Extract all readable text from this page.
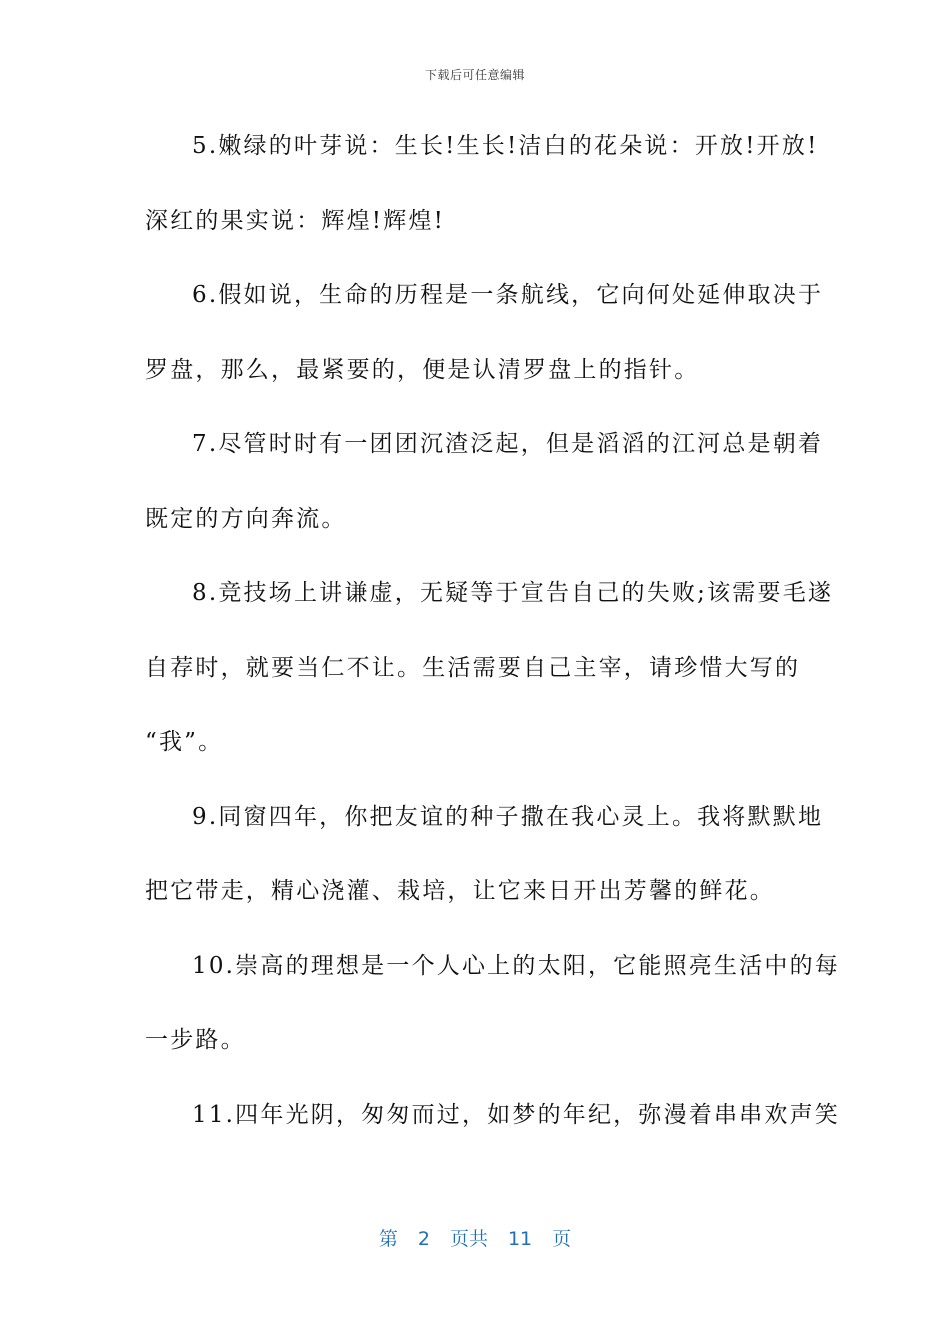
下载后可任意编辑
5.嫩绿的叶芽说：生长!生长!洁白的花朵说：开放!开放!
深红的果实说：辉煌!辉煌!
6.假如说，生命的历程是一条航线，它向何处延伸取决于
罗盘，那么，最紧要的，便是认清罗盘上的指针。
7.尽管时时有一团团沉渣泛起，但是滔滔的江河总是朝着
既定的方向奔流。
8.竞技场上讲谦虚，无疑等于宣告自己的失败;该需要毛遂
自荐时，就要当仁不让。生活需要自己主宰，请珍惜大写的
“我”。
9.同窗四年，你把友谊的种子撒在我心灵上。我将默默地
把它带走，精心浇灌、栽培，让它来日开出芳馨的鲜花。
10.崇高的理想是一个人心上的太阳，它能照亮生活中的每
一步路。
11.四年光阴，匆匆而过，如梦的年纪，弥漫着串串欢声笑
第 2 页共 11 页
